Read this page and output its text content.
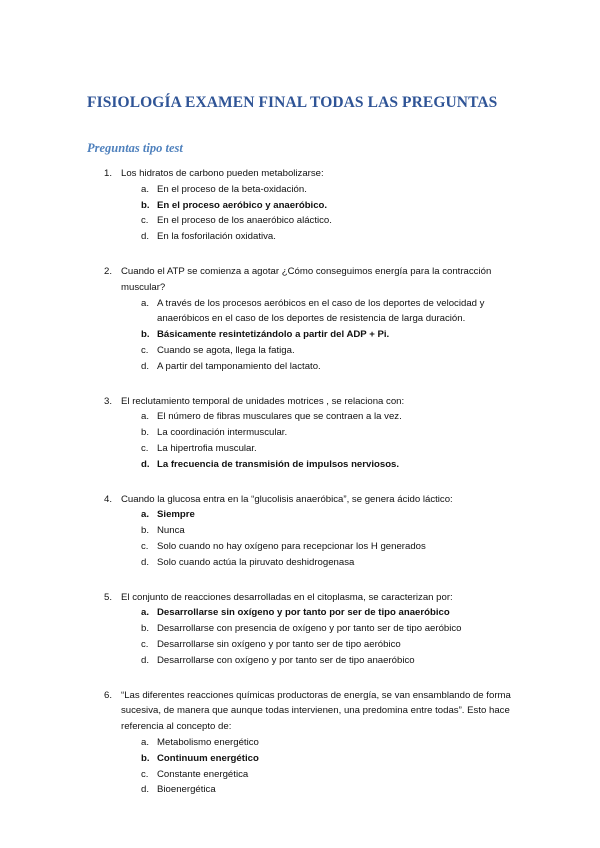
FISIOLOGÍA EXAMEN FINAL TODAS LAS PREGUNTAS
Preguntas tipo test
1. Los hidratos de carbono pueden metabolizarse:
a. En el proceso de la beta-oxidación.
b. En el proceso aeróbico y anaeróbico.
c. En el proceso de los anaeróbico aláctico.
d. En la fosforilación oxidativa.
2. Cuando el ATP se comienza a agotar ¿Cómo conseguimos energía para la contracción muscular?
a. A través de los procesos aeróbicos en el caso de los deportes de velocidad y anaeróbicos en el caso de los deportes de resistencia de larga duración.
b. Básicamente resintetizándolo a partir del ADP + Pi.
c. Cuando se agota, llega la fatiga.
d. A partir del tamponamiento del lactato.
3. El reclutamiento temporal de unidades motrices , se relaciona con:
a. El número de fibras musculares que se contraen a la vez.
b. La coordinación intermuscular.
c. La hipertrofia muscular.
d. La frecuencia de transmisión de impulsos nerviosos.
4. Cuando la glucosa entra en la “glucolisis anaeróbica”, se genera ácido láctico:
a. Siempre
b. Nunca
c. Solo cuando no hay oxígeno para recepcionar los H generados
d. Solo cuando actúa la piruvato deshidrogenasa
5. El conjunto de reacciones desarrolladas en el citoplasma, se caracterizan por:
a. Desarrollarse sin oxígeno y por tanto por ser de tipo anaeróbico
b. Desarrollarse con presencia de oxígeno y por tanto ser de tipo aeróbico
c. Desarrollarse sin oxígeno y por tanto ser de tipo aeróbico
d. Desarrollarse con oxígeno y por tanto ser de tipo anaeróbico
6. “Las diferentes reacciones químicas productoras de energía, se van ensamblando de forma sucesiva, de manera que aunque todas intervienen, una predomina entre todas”. Esto hace referencia al concepto de:
a. Metabolismo energético
b. Continuum energético
c. Constante energética
d. Bioenergética
